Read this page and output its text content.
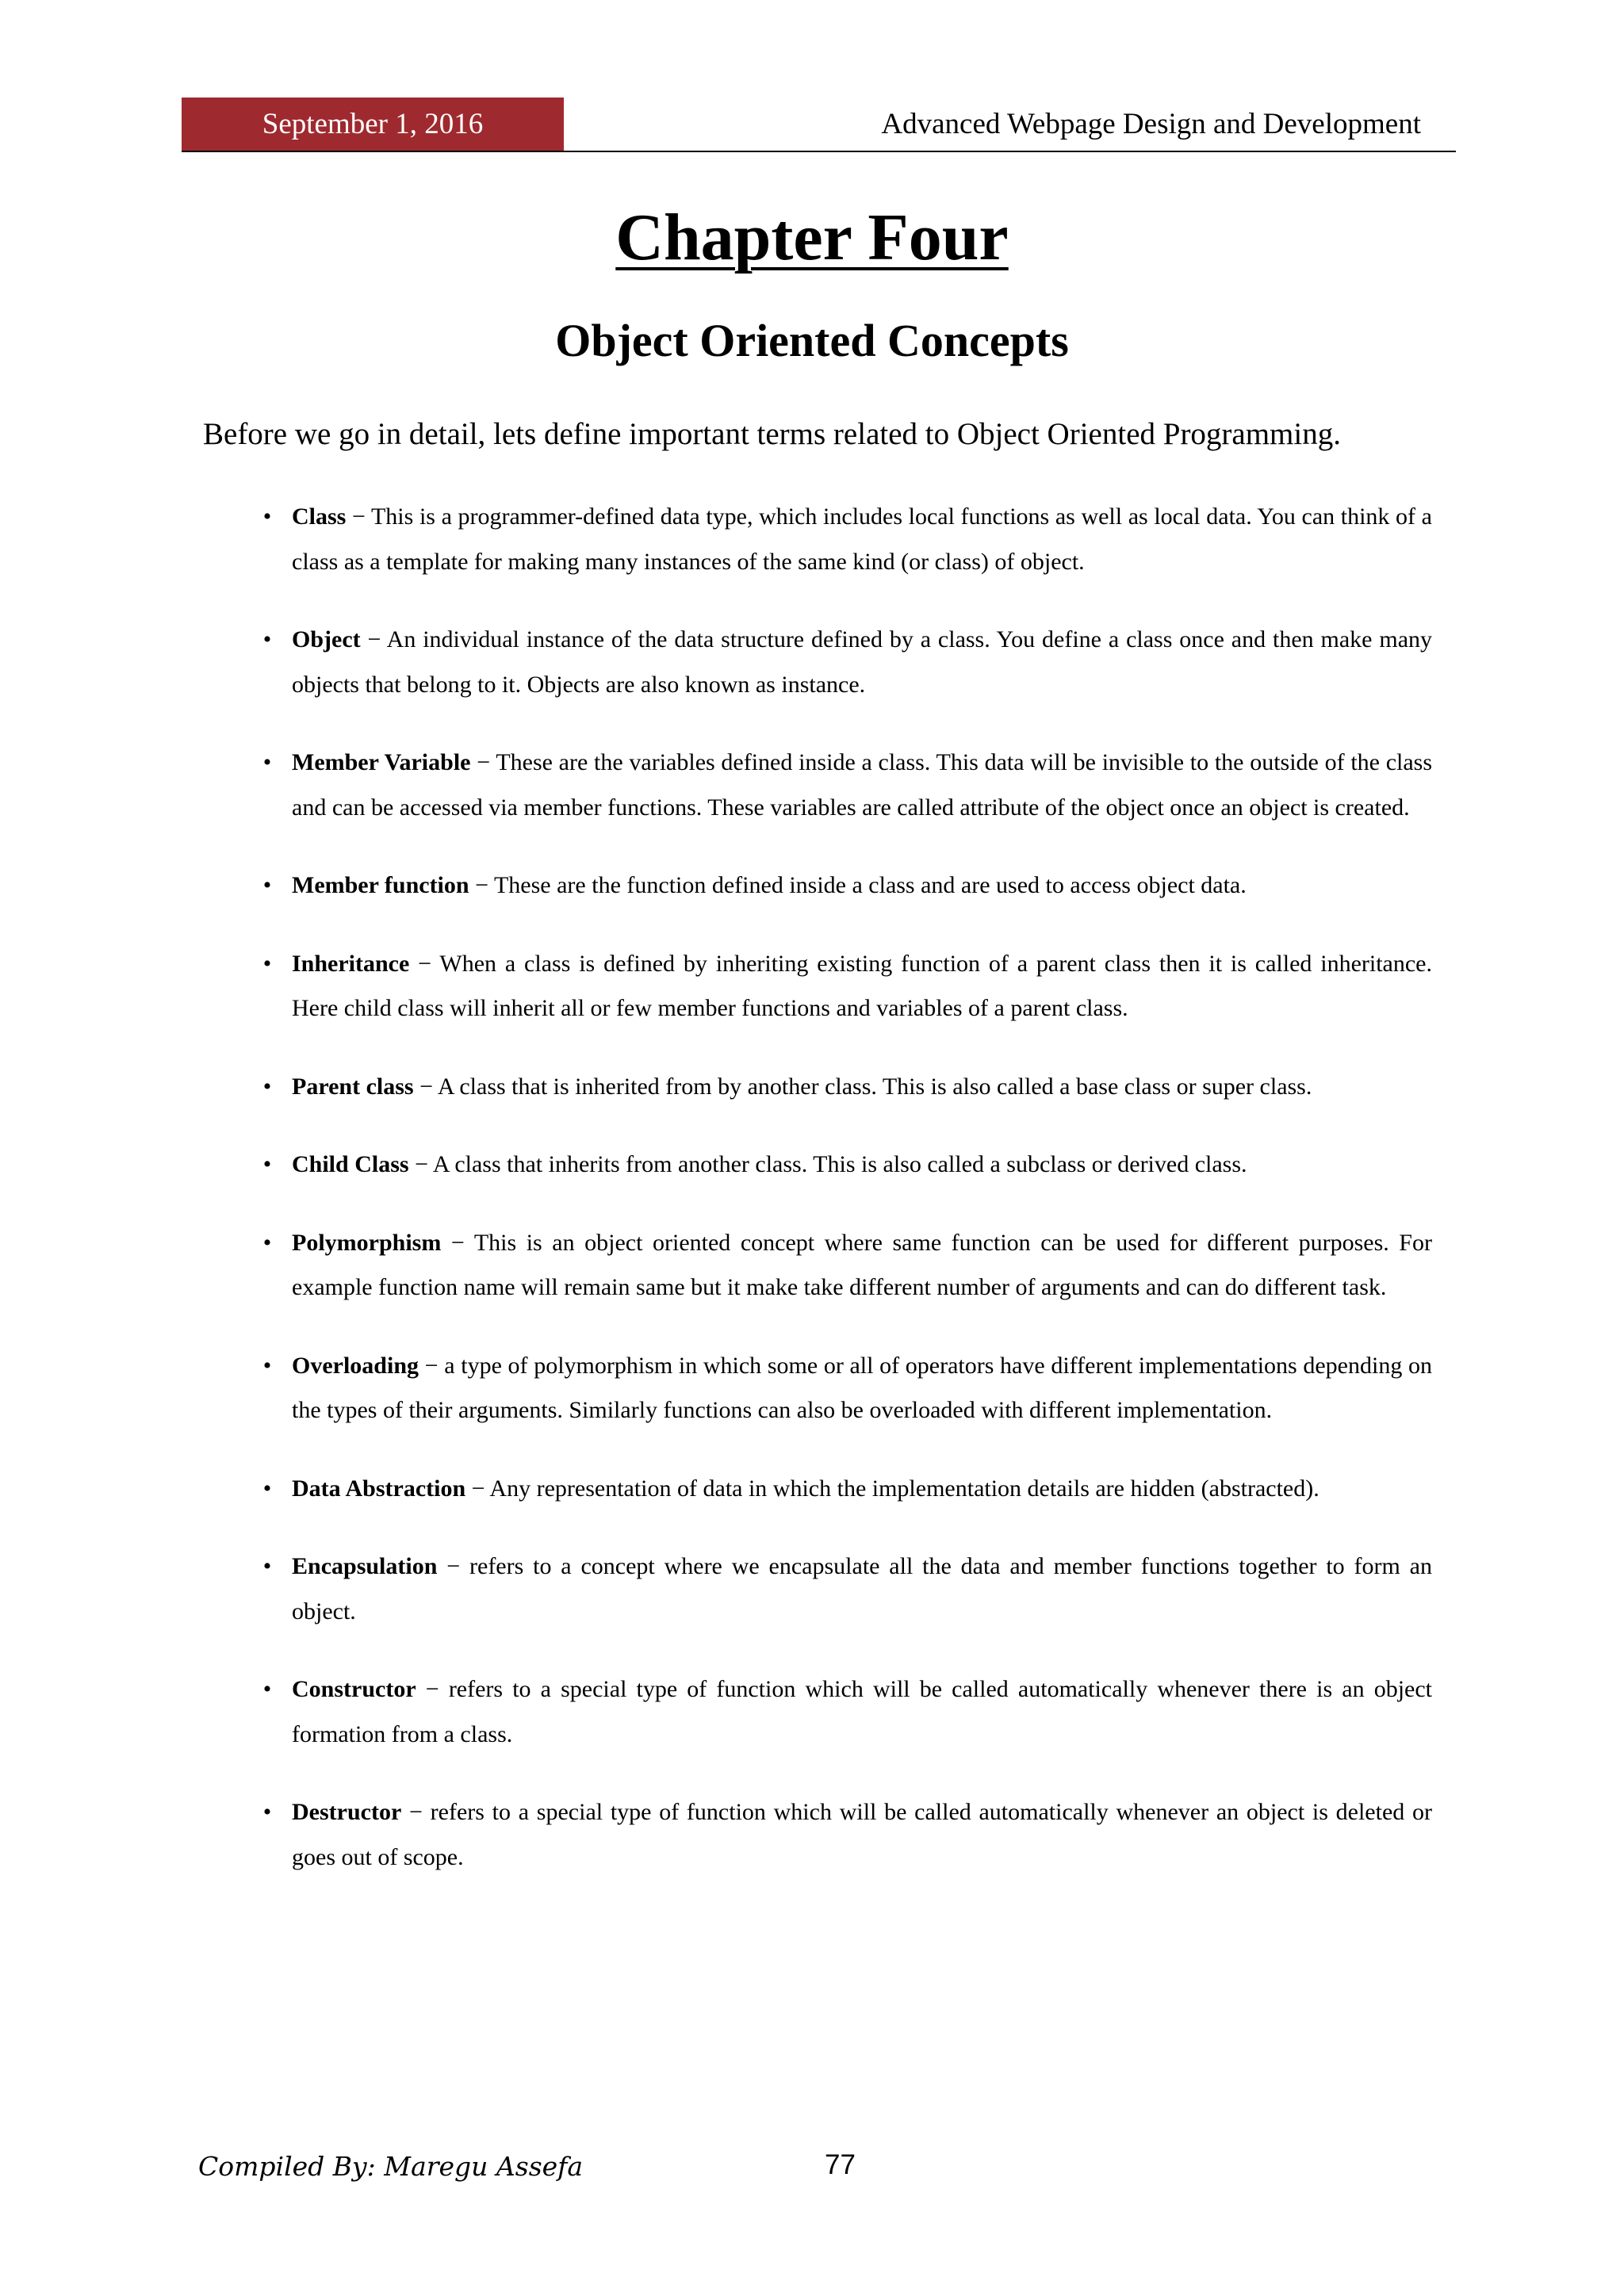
September 1, 2016	Advanced Webpage Design and Development
Chapter Four
Object Oriented Concepts

Before we go in detail, lets define important terms related to Object Oriented Programming.

• Class − This is a programmer-defined data type, which includes local functions as well as local data. You can think of a class as a template for making many instances of the same kind (or class) of object.
• Object − An individual instance of the data structure defined by a class. You define a class once and then make many objects that belong to it. Objects are also known as instance.
• Member Variable − These are the variables defined inside a class. This data will be invisible to the outside of the class and can be accessed via member functions. These variables are called attribute of the object once an object is created.
• Member function − These are the function defined inside a class and are used to access object data.
• Inheritance − When a class is defined by inheriting existing function of a parent class then it is called inheritance. Here child class will inherit all or few member functions and variables of a parent class.
• Parent class − A class that is inherited from by another class. This is also called a base class or super class.
• Child Class − A class that inherits from another class. This is also called a subclass or derived class.
• Polymorphism − This is an object oriented concept where same function can be used for different purposes. For example function name will remain same but it make take different number of arguments and can do different task.
• Overloading − a type of polymorphism in which some or all of operators have different implementations depending on the types of their arguments. Similarly functions can also be overloaded with different implementation.
• Data Abstraction − Any representation of data in which the implementation details are hidden (abstracted).
• Encapsulation − refers to a concept where we encapsulate all the data and member functions together to form an object.
• Constructor − refers to a special type of function which will be called automatically whenever there is an object formation from a class.
• Destructor − refers to a special type of function which will be called automatically whenever an object is deleted or goes out of scope.
Compiled By: Maregu Assefa	77
